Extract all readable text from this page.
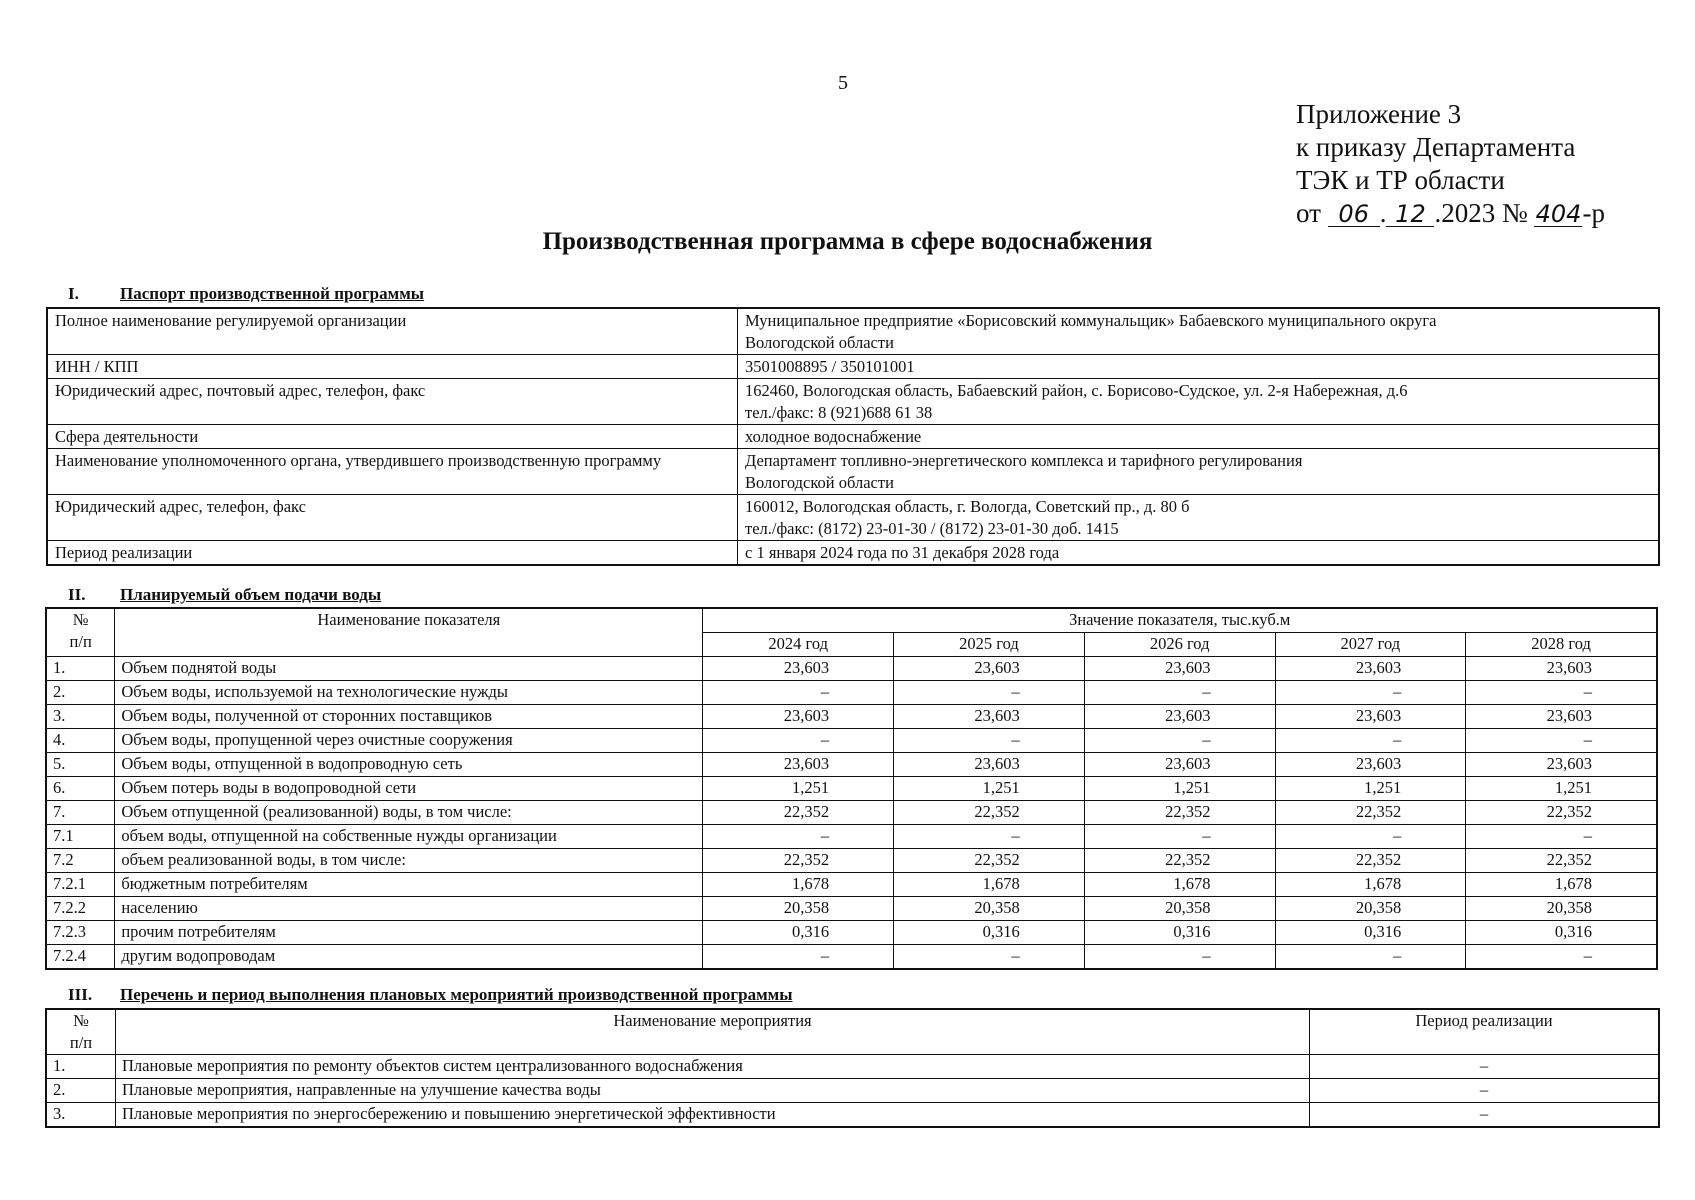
5
Приложение 3
к приказу Департамента
ТЭК и ТР области
от 06 . 12 .2023 № 404-р
Производственная программа в сфере водоснабжения
I. Паспорт производственной программы
Полное наименование регулируемой организации	Муниципальное предприятие «Борисовский коммунальщик» Бабаевского муниципального округа
Вологодской области

ИНН / КПП	3501008895 / 350101001

Юридический адрес, почтовый адрес, телефон, факс	162460, Вологодская область, Бабаевский район, с. Борисово-Судское, ул. 2-я Набережная, д.6
тел./факс: 8 (921)688 61 38

Сфера деятельности	холодное водоснабжение

Наименование уполномоченного органа, утвердившего производственную программу	Департамент топливно-энергетического комплекса и тарифного регулирования
Вологодской области

Юридический адрес, телефон, факс	160012, Вологодская область, г. Вологда, Советский пр., д. 80 б
тел./факс: (8172) 23-01-30 / (8172) 23-01-30 доб. 1415

Период реализации	с 1 января 2024 года по 31 декабря 2028 года
II. Планируемый объем подачи воды
№
п/п	Наименование показателя	Значение показателя, тыс.куб.м				
		2024 год	2025 год	2026 год	2027 год	2028 год
1.	Объем поднятой воды	23,603	23,603	23,603	23,603	23,603
2.	Объем воды, используемой на технологические нужды	–	–	–	–	–
3.	Объем воды, полученной от сторонних поставщиков	23,603	23,603	23,603	23,603	23,603
4.	Объем воды, пропущенной через очистные сооружения	–	–	–	–	–
5.	Объем воды, отпущенной в водопроводную сеть	23,603	23,603	23,603	23,603	23,603
6.	Объем потерь воды в водопроводной сети	1,251	1,251	1,251	1,251	1,251
7.	Объем отпущенной (реализованной) воды, в том числе:	22,352	22,352	22,352	22,352	22,352
7.1	объем воды, отпущенной на собственные нужды организации	–	–	–	–	–
7.2	объем реализованной воды, в том числе:	22,352	22,352	22,352	22,352	22,352
7.2.1	бюджетным потребителям	1,678	1,678	1,678	1,678	1,678
7.2.2	населению	20,358	20,358	20,358	20,358	20,358
7.2.3	прочим потребителям	0,316	0,316	0,316	0,316	0,316
7.2.4	другим водопроводам	–	–	–	–	–
III. Перечень и период выполнения плановых мероприятий производственной программы
№
п/п	Наименование мероприятия	Период реализации
1.	Плановые мероприятия по ремонту объектов систем централизованного водоснабжения	–
2.	Плановые мероприятия, направленные на улучшение качества воды	–
3.	Плановые мероприятия по энергосбережению и повышению энергетической эффективности	–
